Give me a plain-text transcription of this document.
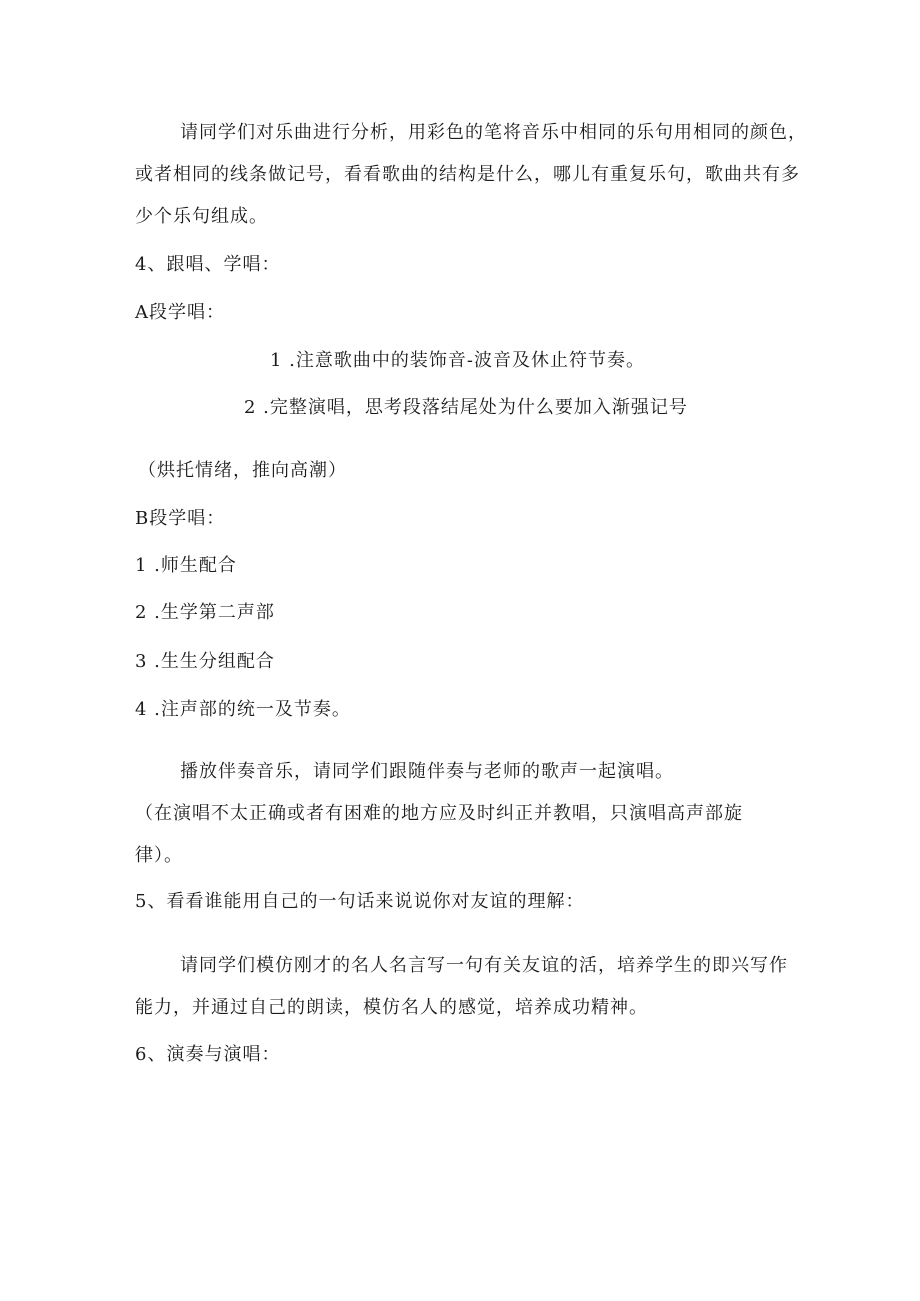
请同学们对乐曲进行分析，用彩色的笔将音乐中相同的乐句用相同的颜色，
或者相同的线条做记号，看看歌曲的结构是什么，哪儿有重复乐句，歌曲共有多
少个乐句组成。
4、跟唱、学唱：
A段学唱：
1 .注意歌曲中的装饰音-波音及休止符节奏。
2 .完整演唱，思考段落结尾处为什么要加入渐强记号
（烘托情绪，推向高潮）
B段学唱：
1 .师生配合
2 .生学第二声部
3 .生生分组配合
4 .注声部的统一及节奏。
播放伴奏音乐，请同学们跟随伴奏与老师的歌声一起演唱。
（在演唱不太正确或者有困难的地方应及时纠正并教唱，只演唱高声部旋
律）。
5、看看谁能用自己的一句话来说说你对友谊的理解：
请同学们模仿刚才的名人名言写一句有关友谊的活，培养学生的即兴写作
能力，并通过自己的朗读，模仿名人的感觉，培养成功精神。
6、演奏与演唱：
